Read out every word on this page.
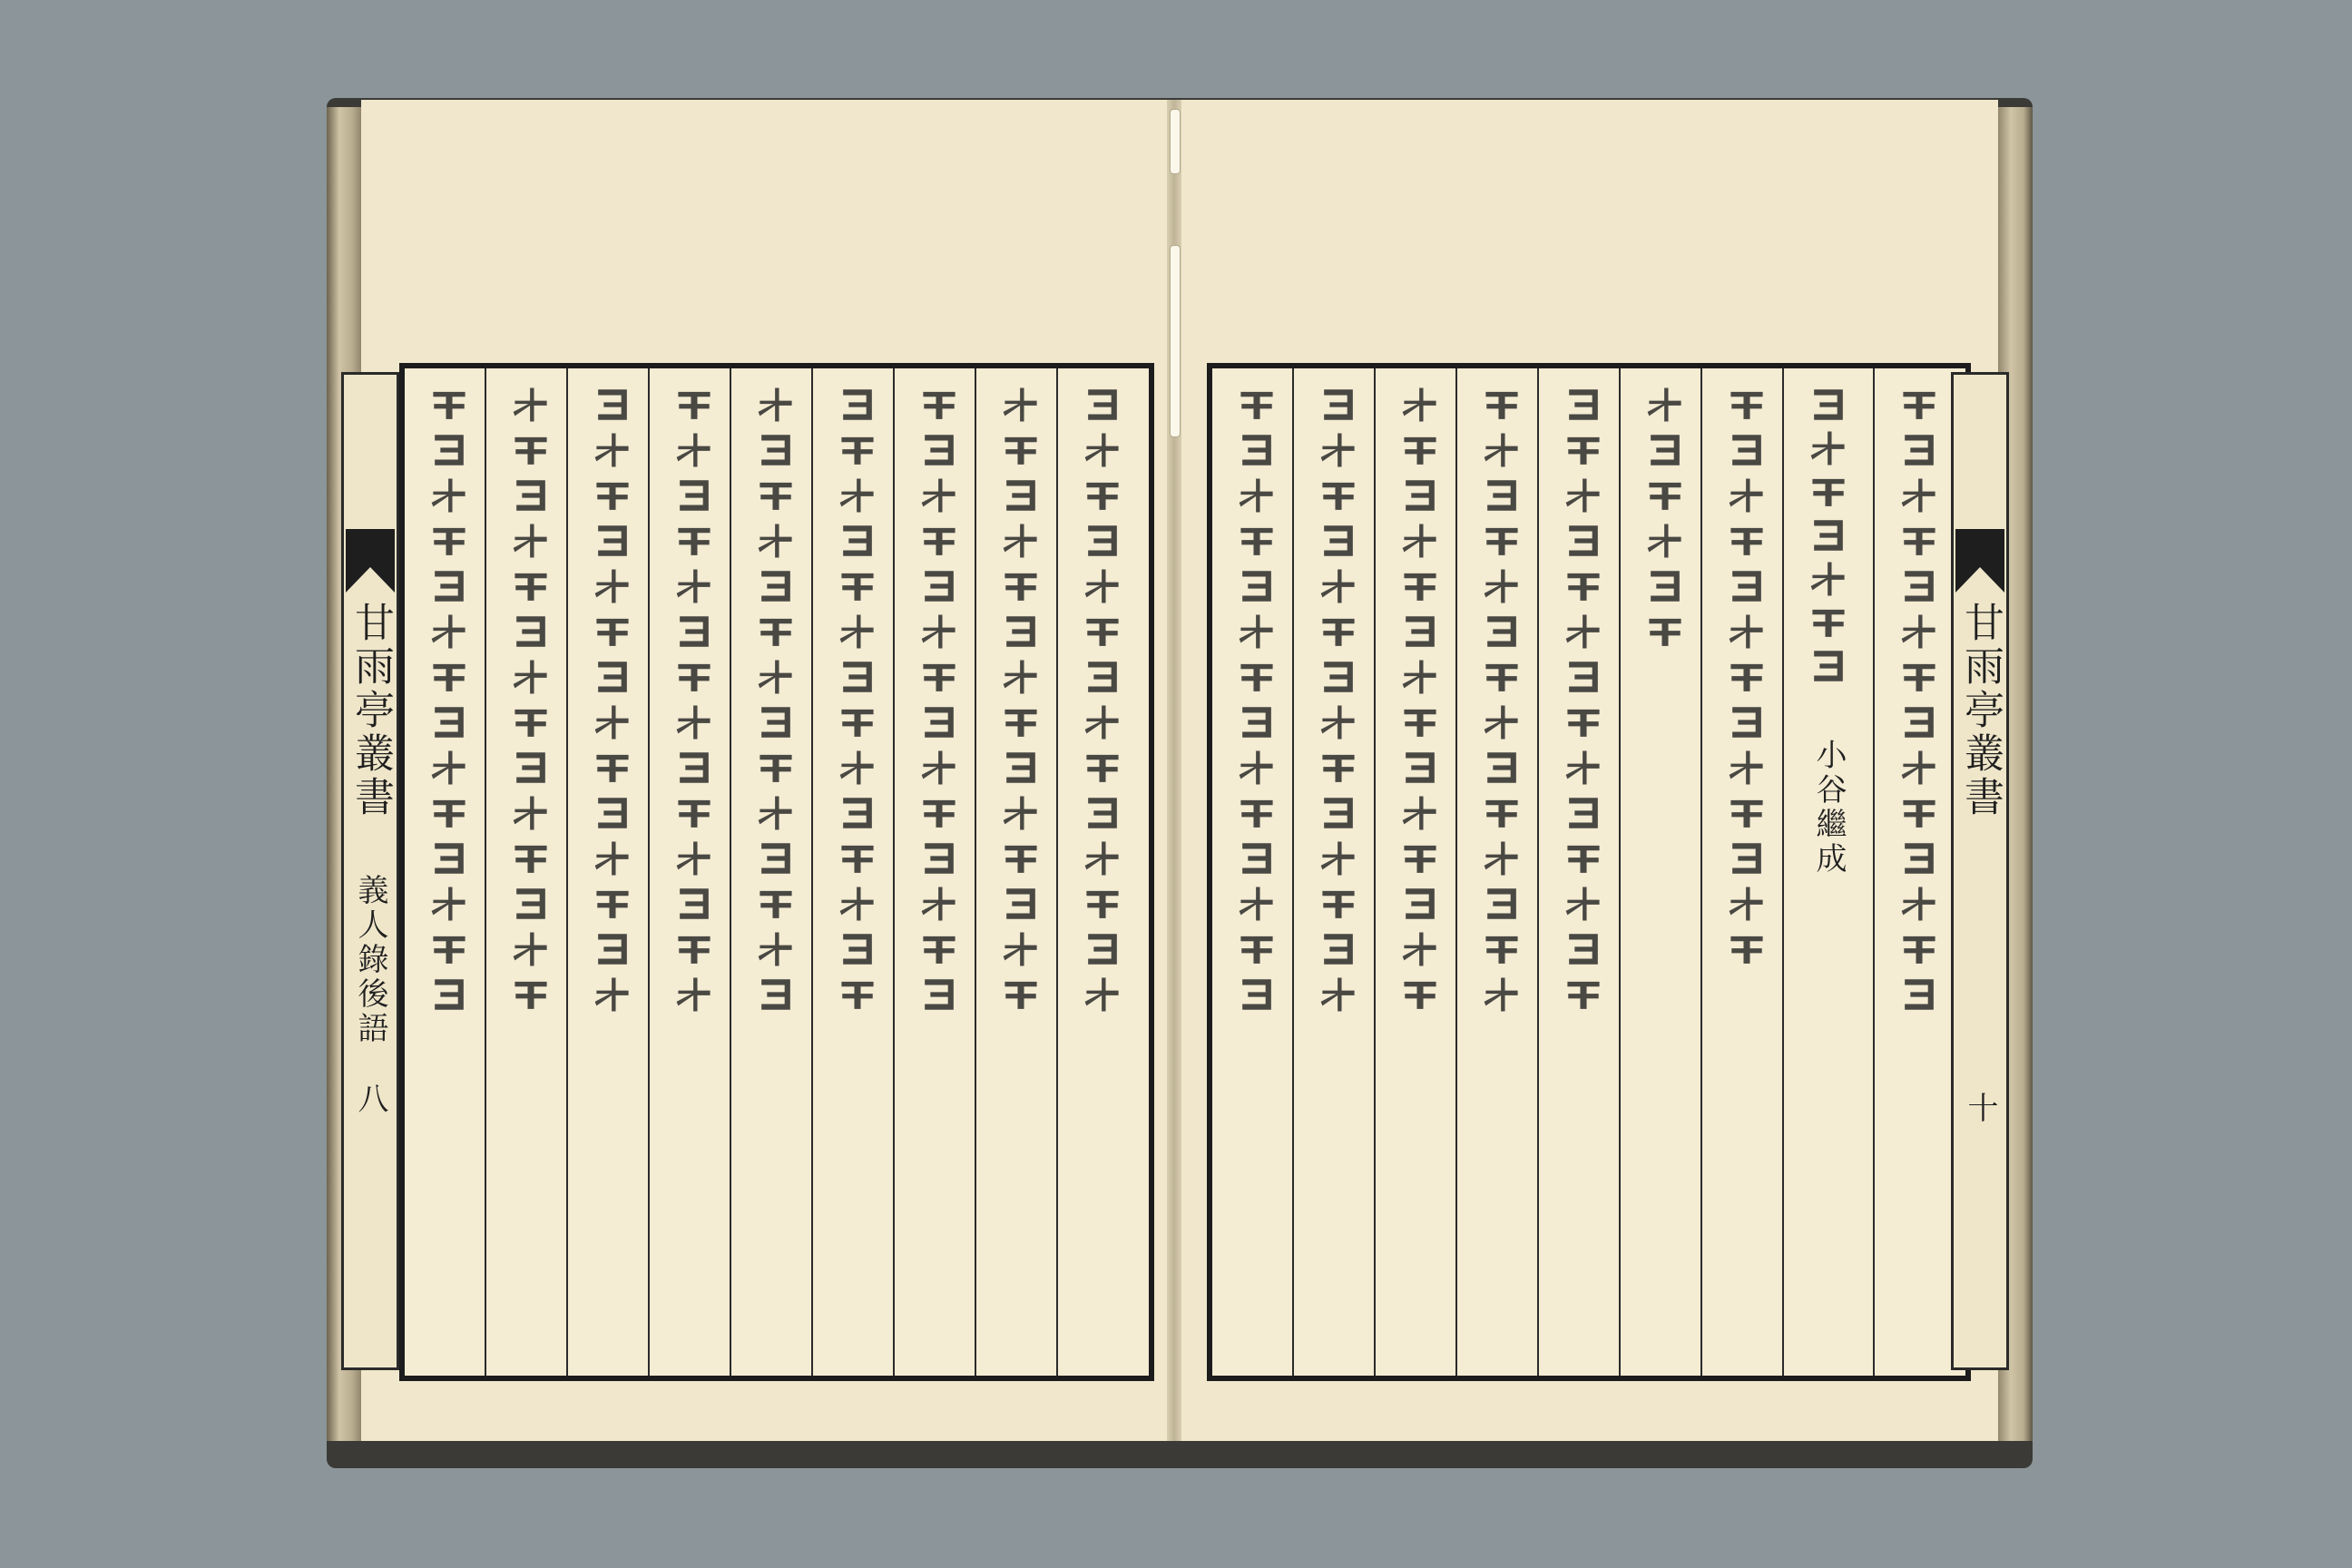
小谷繼成
甘雨亭叢書
義人錄後語
八
甘雨亭叢書
十
